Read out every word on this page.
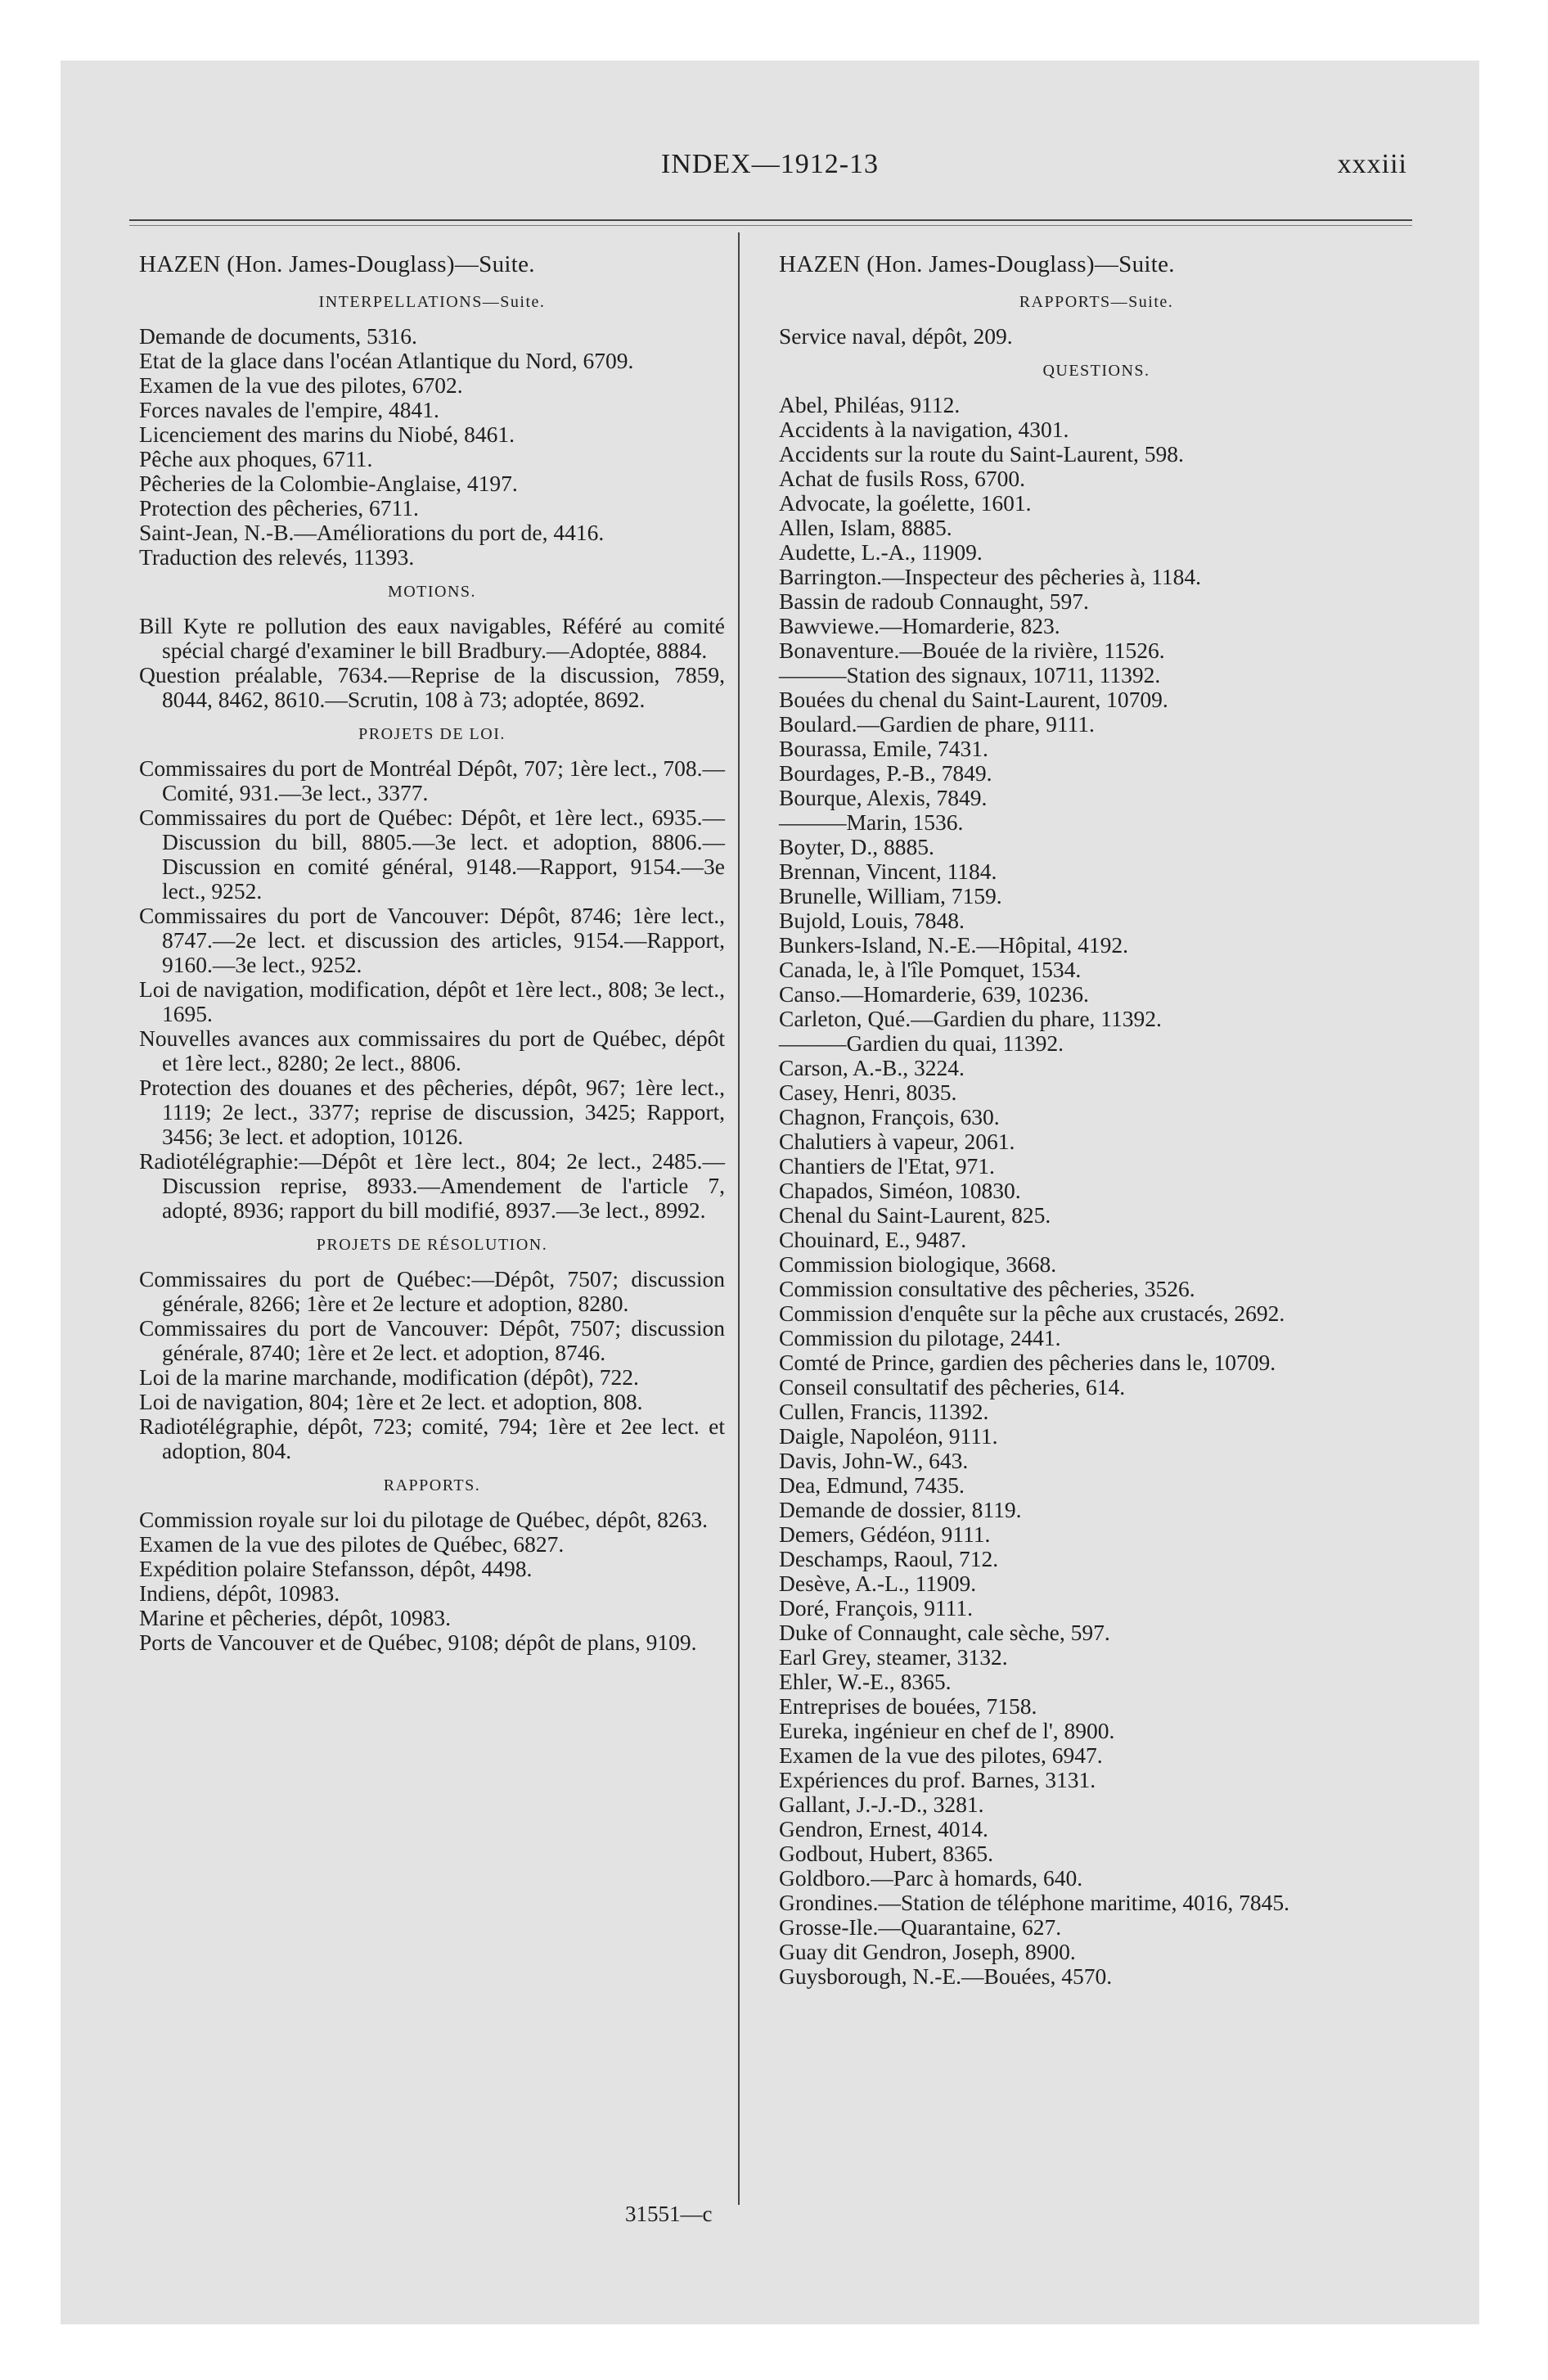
INDEX—1912-13	xxxiii
HAZEN (Hon. James-Douglass)—Suite.
INTERPELLATIONS—Suite.

Demande de documents, 5316.

Etat de la glace dans l'océan Atlantique du Nord, 6709.

Examen de la vue des pilotes, 6702.

Forces navales de l'empire, 4841.

Licenciement des marins du Niobé, 8461.

Pêche aux phoques, 6711.

Pêcheries de la Colombie-Anglaise, 4197.

Protection des pêcheries, 6711.

Saint-Jean, N.-B.—Améliorations du port de, 4416.

Traduction des relevés, 11393.

MOTIONS.

Bill Kyte re pollution des eaux navigables, Référé au comité spécial chargé d'examiner le bill Bradbury.—Adoptée, 8884.

Question préalable, 7634.—Reprise de la discussion, 7859, 8044, 8462, 8610.—Scrutin, 108 à 73; adoptée, 8692.

PROJETS DE LOI.

Commissaires du port de Montréal Dépôt, 707; 1ère lect., 708.—Comité, 931.—3e lect., 3377.

Commissaires du port de Québec: Dépôt, et 1ère lect., 6935.—Discussion du bill, 8805.—3e lect. et adoption, 8806.—Discussion en comité général, 9148.—Rapport, 9154.—3e lect., 9252.

Commissaires du port de Vancouver: Dépôt, 8746; 1ère lect., 8747.—2e lect. et discussion des articles, 9154.—Rapport, 9160.—3e lect., 9252.

Loi de navigation, modification, dépôt et 1ère lect., 808; 3e lect., 1695.

Nouvelles avances aux commissaires du port de Québec, dépôt et 1ère lect., 8280; 2e lect., 8806.

Protection des douanes et des pêcheries, dépôt, 967; 1ère lect., 1119; 2e lect., 3377; reprise de discussion, 3425; Rapport, 3456; 3e lect. et adoption, 10126.

Radiotélégraphie:—Dépôt et 1ère lect., 804; 2e lect., 2485.—Discussion reprise, 8933.—Amendement de l'article 7, adopté, 8936; rapport du bill modifié, 8937.—3e lect., 8992.

PROJETS DE RÉSOLUTION.

Commissaires du port de Québec:—Dépôt, 7507; discussion générale, 8266; 1ère et 2e lecture et adoption, 8280.

Commissaires du port de Vancouver: Dépôt, 7507; discussion générale, 8740; 1ère et 2e lect. et adoption, 8746.

Loi de la marine marchande, modification (dépôt), 722.

Loi de navigation, 804; 1ère et 2e lect. et adoption, 808.

Radiotélégraphie, dépôt, 723; comité, 794; 1ère et 2ee lect. et adoption, 804.

RAPPORTS.

Commission royale sur loi du pilotage de Québec, dépôt, 8263.

Examen de la vue des pilotes de Québec, 6827.

Expédition polaire Stefansson, dépôt, 4498.

Indiens, dépôt, 10983.

Marine et pêcheries, dépôt, 10983.

Ports de Vancouver et de Québec, 9108; dépôt de plans, 9109.

HAZEN (Hon. James-Douglass)—Suite.
RAPPORTS—Suite.

Service naval, dépôt, 209.

QUESTIONS.

Abel, Philéas, 9112.

Accidents à la navigation, 4301.

Accidents sur la route du Saint-Laurent, 598.

Achat de fusils Ross, 6700.

Advocate, la goélette, 1601.

Allen, Islam, 8885.

Audette, L.-A., 11909.

Barrington.—Inspecteur des pêcheries à, 1184.

Bassin de radoub Connaught, 597.

Bawviewe.—Homarderie, 823.

Bonaventure.—Bouée de la rivière, 11526.

———Station des signaux, 10711, 11392.

Bouées du chenal du Saint-Laurent, 10709.

Boulard.—Gardien de phare, 9111.

Bourassa, Emile, 7431.

Bourdages, P.-B., 7849.

Bourque, Alexis, 7849.

———Marin, 1536.

Boyter, D., 8885.

Brennan, Vincent, 1184.

Brunelle, William, 7159.

Bujold, Louis, 7848.

Bunkers-Island, N.-E.—Hôpital, 4192.

Canada, le, à l'île Pomquet, 1534.

Canso.—Homarderie, 639, 10236.

Carleton, Qué.—Gardien du phare, 11392.

———Gardien du quai, 11392.

Carson, A.-B., 3224.

Casey, Henri, 8035.

Chagnon, François, 630.

Chalutiers à vapeur, 2061.

Chantiers de l'Etat, 971.

Chapados, Siméon, 10830.

Chenal du Saint-Laurent, 825.

Chouinard, E., 9487.

Commission biologique, 3668.

Commission consultative des pêcheries, 3526.

Commission d'enquête sur la pêche aux crustacés, 2692.

Commission du pilotage, 2441.

Comté de Prince, gardien des pêcheries dans le, 10709.

Conseil consultatif des pêcheries, 614.

Cullen, Francis, 11392.

Daigle, Napoléon, 9111.

Davis, John-W., 643.

Dea, Edmund, 7435.

Demande de dossier, 8119.

Demers, Gédéon, 9111.

Deschamps, Raoul, 712.

Desève, A.-L., 11909.

Doré, François, 9111.

Duke of Connaught, cale sèche, 597.

Earl Grey, steamer, 3132.

Ehler, W.-E., 8365.

Entreprises de bouées, 7158.

Eureka, ingénieur en chef de l', 8900.

Examen de la vue des pilotes, 6947.

Expériences du prof. Barnes, 3131.

Gallant, J.-J.-D., 3281.

Gendron, Ernest, 4014.

Godbout, Hubert, 8365.

Goldboro.—Parc à homards, 640.

Grondines.—Station de téléphone maritime, 4016, 7845.

Grosse-Ile.—Quarantaine, 627.

Guay dit Gendron, Joseph, 8900.

Guysborough, N.-E.—Bouées, 4570.

31551—c
